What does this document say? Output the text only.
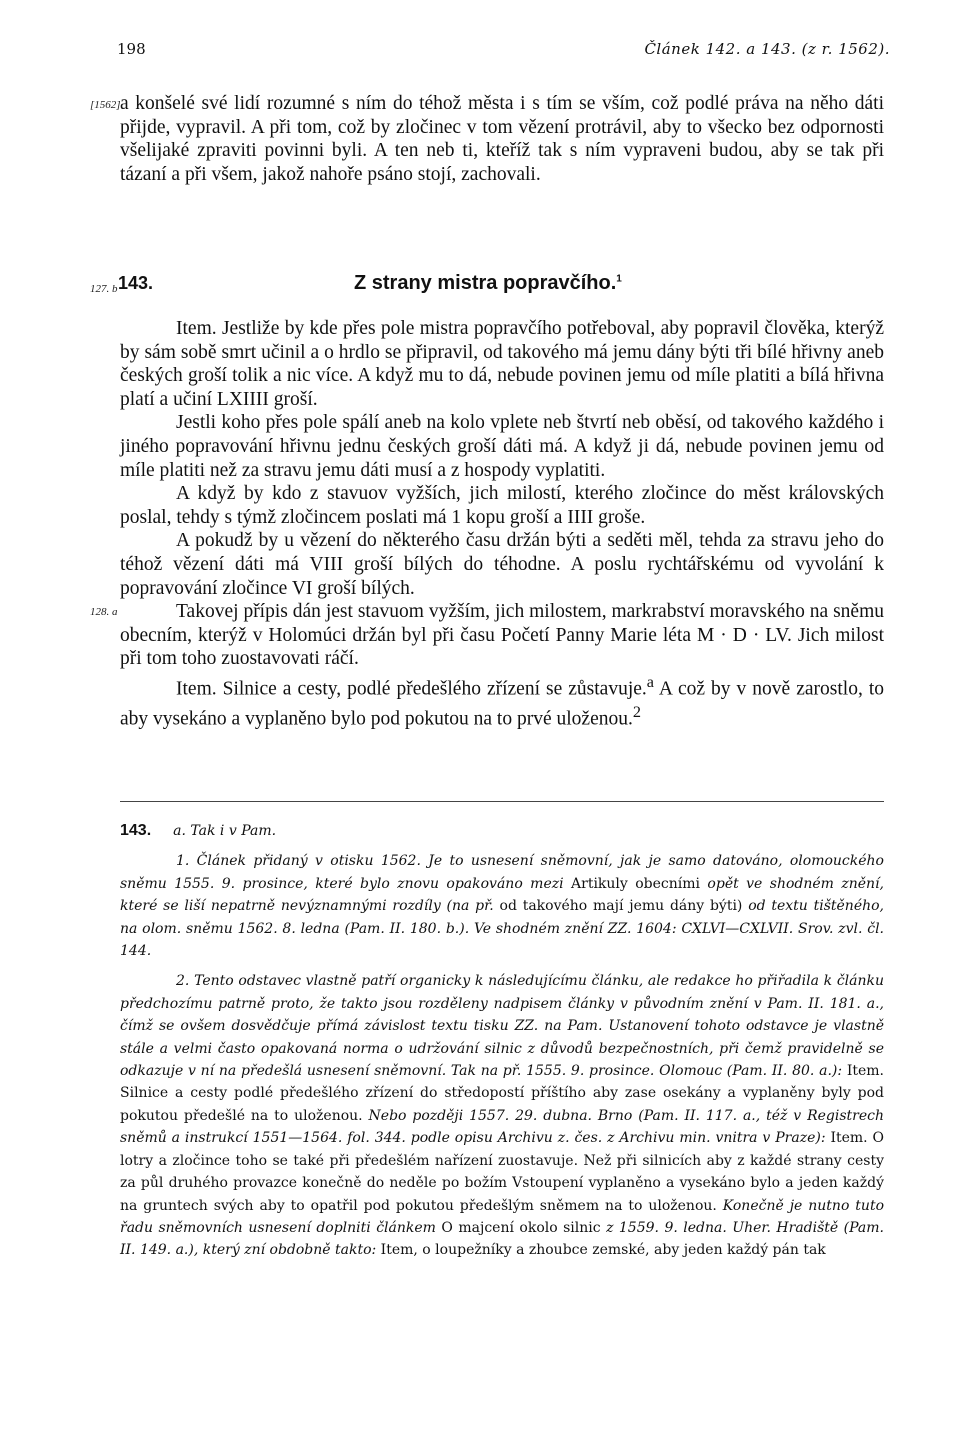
198	Článek 142. a 143. (z r. 1562).
[1562] a konšelé své lidí rozumné s ním do téhož města i s tím se vším, což podlé práva na něho dáti přijde, vypravil. A při tom, což by zločinec v tom vězení protrávil, aby to všecko bez odpornosti všelijaké zpraviti povinni byli. A ten neb ti, kteříž tak s ním vypraveni budou, aby se tak při tázaní a při všem, jakož nahoře psáno stojí, zachovali.

127. b 143.	Z strany mistra popravčího.$^1$
128. a

Item. Jestliže by kde přes pole mistra popravčího potřeboval, aby popravil člověka, kterýž by sám sobě smrt učinil a o hrdlo se připravil, od takového má jemu dány býti tři bílé hřivny aneb českých groší tolik a nic více. A když mu to dá, nebude povinen jemu od míle platiti a bílá hřivna platí a učiní LXIIII groší.

Jestli koho přes pole spálí aneb na kolo vplete neb štvrtí neb oběsí, od takového každého i jiného popravování hřivnu jednu českých groší dáti má. A když ji dá, nebude povinen jemu od míle platiti než za stravu jemu dáti musí a z hospody vyplatiti.

A když by kdo z stavuov vyžších, jich milostí, kterého zločince do měst královských poslal, tehdy s týmž zločincem poslati má 1 kopu groší a IIII groše.

A pokudž by u vězení do některého času držán býti a seděti měl, tehda za stravu jeho do téhož vězení dáti má VIII groší bílých do téhodne. A poslu rychtářskému od vyvolání k popravování zločince VI groší bílých.

Takovej přípis dán jest stavuom vyžším, jich milostem, markrabství moravského na sněmu obecním, kterýž v Holomúci držán byl při času Početí Panny Marie léta M · D · LV. Jich milost při tom toho zuostavovati ráčí.

Item. Silnice a cesty, podlé předešlého zřízení se zůstavuje.$^a$ A což by v nově zarostlo, to aby vysekáno a vyplaněno bylo pod pokutou na to prvé uloženou.$^2$

143. a. Tak i v Pam.

1. Článek přidaný v otisku 1562. Je to usnesení sněmovní, jak je samo datováno, olomouckého sněmu 1555. 9. prosince, které bylo znovu opakováno mezi Artikuly obecními opět ve shodném znění, které se liší nepatrně nevýznamnými rozdíly (na př. od takového mají jemu dány býti) od textu tištěného, na olom. sněmu 1562. 8. ledna (Pam. II. 180. b.). Ve shodném znění ZZ. 1604: CXLVI—CXLVII. Srov. zvl. čl. 144.

2. Tento odstavec vlastně patří organicky k následujícímu článku, ale redakce ho přiřadila k článku předchozímu patrně proto, že takto jsou rozděleny nadpisem články v původním znění v Pam. II. 181. a., čímž se ovšem dosvědčuje přímá závislost textu tisku ZZ. na Pam. Ustanovení tohoto odstavce je vlastně stále a velmi často opakovaná norma o udržování silnic z důvodů bezpečnostních, při čemž pravidelně se odkazuje v ní na předešlá usnesení sněmovní. Tak na př. 1555. 9. prosince. Olomouc (Pam. II. 80. a.): Item. Silnice a cesty podlé předešlého zřízení do středopostí příštího aby zase osekány a vyplaněny byly pod pokutou předešlé na to uloženou. Nebo později 1557. 29. dubna. Brno (Pam. II. 117. a., též v Registrech sněmů a instrukcí 1551—1564. fol. 344. podle opisu Archivu z. čes. z Archivu min. vnitra v Praze): Item. O lotry a zločince toho se také při předešlém nařízení zuostavuje. Než při silnicích aby z každé strany cesty za půl druhého provazce konečně do neděle po božím Vstoupení vyplaněno a vysekáno bylo a jeden každý na gruntech svých aby to opatřil pod pokutou předešlým sněmem na to uloženou. Konečně je nutno tuto řadu sněmovních usnesení doplniti článkem O majcení okolo silnic z 1559. 9. ledna. Uher. Hradiště (Pam. II. 149. a.), který zní obdobně takto: Item, o loupežníky a zhoubce zemské, aby jeden každý pán tak
